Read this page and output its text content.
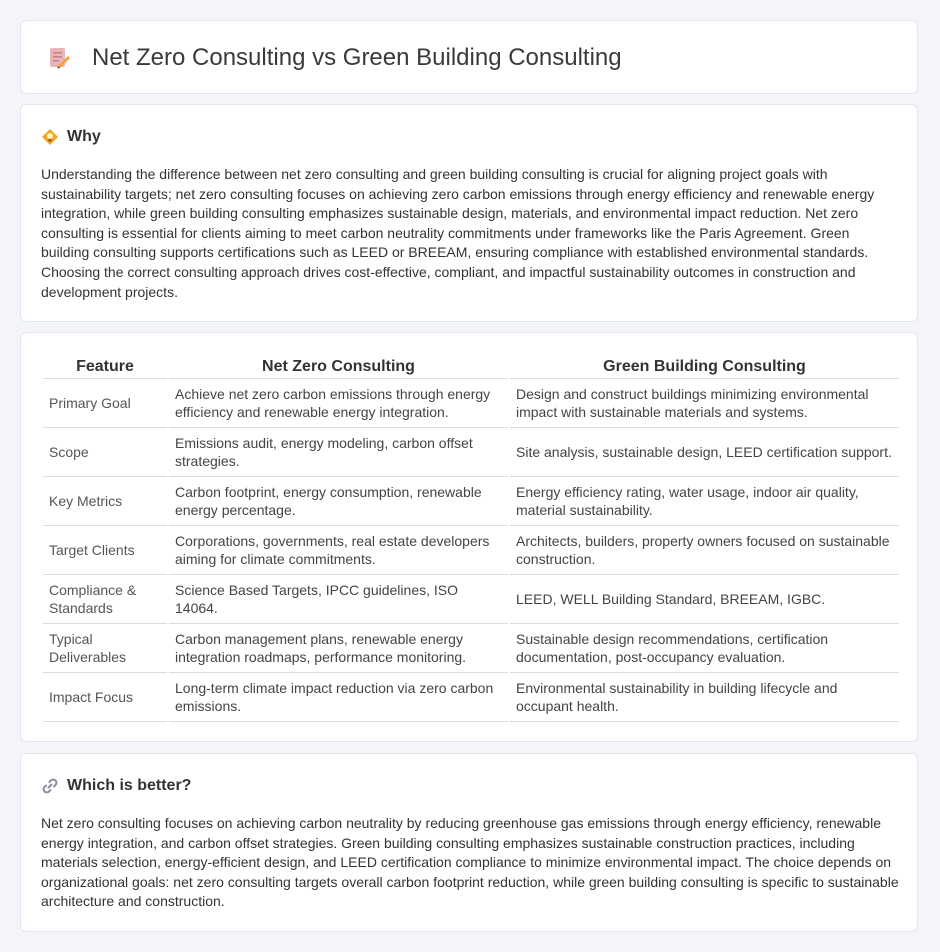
Net Zero Consulting vs Green Building Consulting
Why

Understanding the difference between net zero consulting and green building consulting is crucial for aligning project goals with sustainability targets; net zero consulting focuses on achieving zero carbon emissions through energy efficiency and renewable energy integration, while green building consulting emphasizes sustainable design, materials, and environmental impact reduction. Net zero consulting is essential for clients aiming to meet carbon neutrality commitments under frameworks like the Paris Agreement. Green building consulting supports certifications such as LEED or BREEAM, ensuring compliance with established environmental standards. Choosing the correct consulting approach drives cost-effective, compliant, and impactful sustainability outcomes in construction and development projects.

Feature	Net Zero Consulting	Green Building Consulting
Primary Goal	Achieve net zero carbon emissions through energy efficiency and renewable energy integration.	Design and construct buildings minimizing environmental impact with sustainable materials and systems.
Scope	Emissions audit, energy modeling, carbon offset strategies.	Site analysis, sustainable design, LEED certification support.
Key Metrics	Carbon footprint, energy consumption, renewable energy percentage.	Energy efficiency rating, water usage, indoor air quality, material sustainability.
Target Clients	Corporations, governments, real estate developers aiming for climate commitments.	Architects, builders, property owners focused on sustainable construction.
Compliance & Standards	Science Based Targets, IPCC guidelines, ISO 14064.	LEED, WELL Building Standard, BREEAM, IGBC.
Typical Deliverables	Carbon management plans, renewable energy integration roadmaps, performance monitoring.	Sustainable design recommendations, certification documentation, post-occupancy evaluation.
Impact Focus	Long-term climate impact reduction via zero carbon emissions.	Environmental sustainability in building lifecycle and occupant health.
Which is better?

Net zero consulting focuses on achieving carbon neutrality by reducing greenhouse gas emissions through energy efficiency, renewable energy integration, and carbon offset strategies. Green building consulting emphasizes sustainable construction practices, including materials selection, energy-efficient design, and LEED certification compliance to minimize environmental impact. The choice depends on organizational goals: net zero consulting targets overall carbon footprint reduction, while green building consulting is specific to sustainable architecture and construction.
